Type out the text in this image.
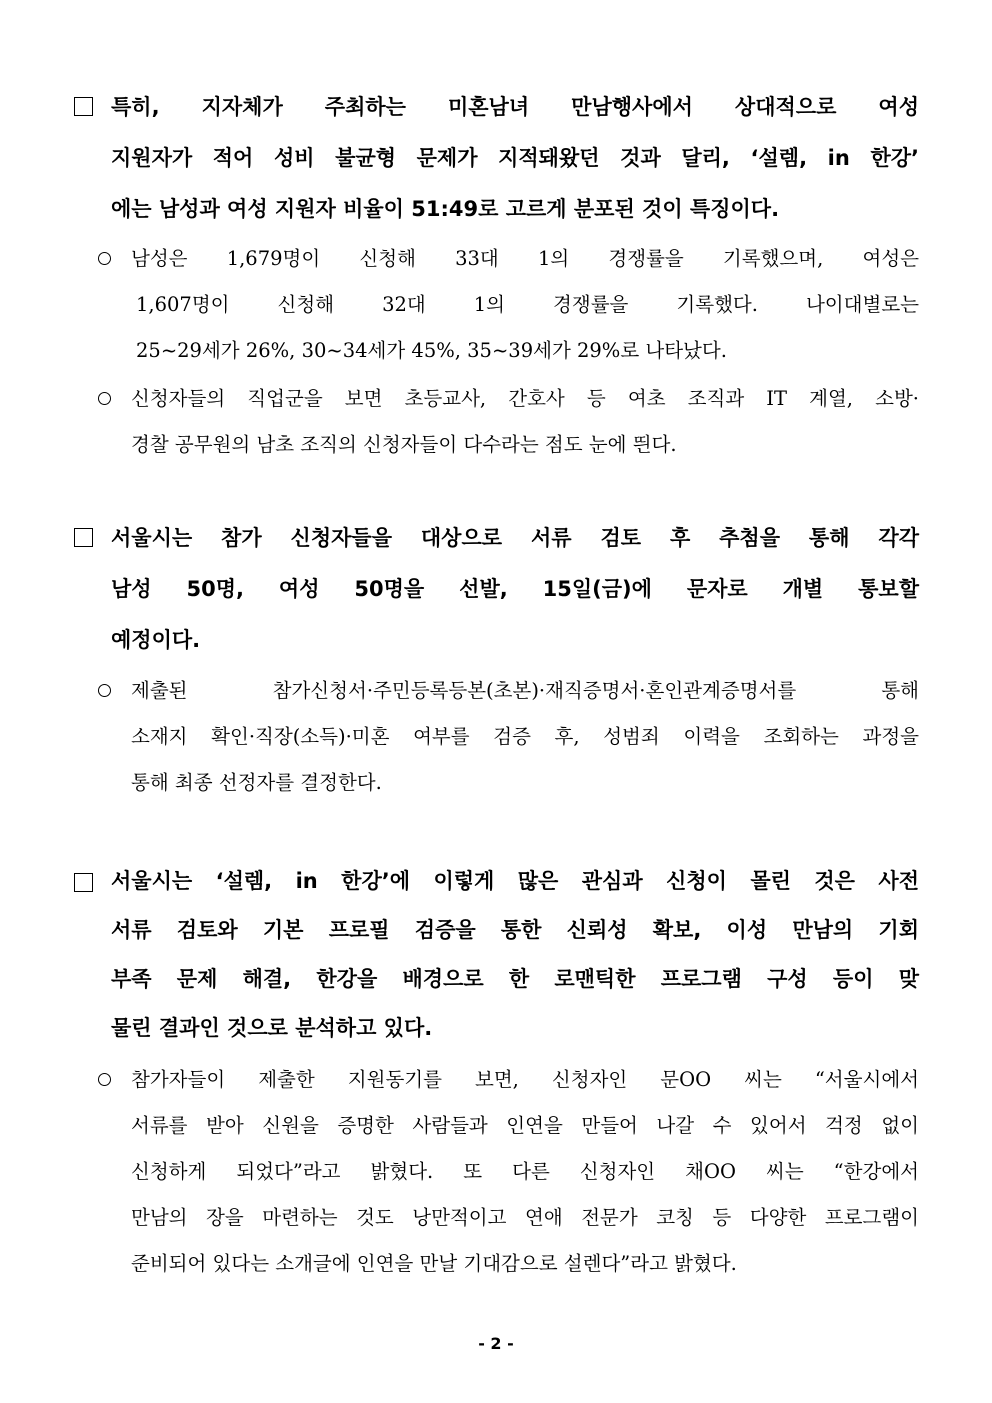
특히, 지자체가 주최하는 미혼남녀 만남행사에서 상대적으로 여성
지원자가 적어 성비 불균형 문제가 지적돼왔던 것과 달리, ‘설렘, in 한강’
에는 남성과 여성 지원자 비율이 51:49로 고르게 분포된 것이 특징이다.
남성은 1,679명이 신청해 33대 1의 경쟁률을 기록했으며, 여성은
1,607명이 신청해 32대 1의 경쟁률을 기록했다. 나이대별로는
25~29세가 26%, 30~34세가 45%, 35~39세가 29%로 나타났다.
신청자들의 직업군을 보면 초등교사, 간호사 등 여초 조직과 IT 계열, 소방·
경찰 공무원의 남초 조직의 신청자들이 다수라는 점도 눈에 띈다.
서울시는 참가 신청자들을 대상으로 서류 검토 후 추첨을 통해 각각
남성 50명, 여성 50명을 선발, 15일(금)에 문자로 개별 통보할
예정이다.
제출된 참가신청서·주민등록등본(초본)·재직증명서·혼인관계증명서를 통해
소재지 확인·직장(소득)·미혼 여부를 검증 후, 성범죄 이력을 조회하는 과정을
통해 최종 선정자를 결정한다.
서울시는 ‘설렘, in 한강’에 이렇게 많은 관심과 신청이 몰린 것은 사전
서류 검토와 기본 프로필 검증을 통한 신뢰성 확보, 이성 만남의 기회
부족 문제 해결, 한강을 배경으로 한 로맨틱한 프로그램 구성 등이 맞
물린 결과인 것으로 분석하고 있다.
참가자들이 제출한 지원동기를 보면, 신청자인 문OO 씨는 “서울시에서
서류를 받아 신원을 증명한 사람들과 인연을 만들어 나갈 수 있어서 걱정 없이
신청하게 되었다”라고 밝혔다. 또 다른 신청자인 채OO 씨는 “한강에서
만남의 장을 마련하는 것도 낭만적이고 연애 전문가 코칭 등 다양한 프로그램이
준비되어 있다는 소개글에 인연을 만날 기대감으로 설렌다”라고 밝혔다.
- 2 -
